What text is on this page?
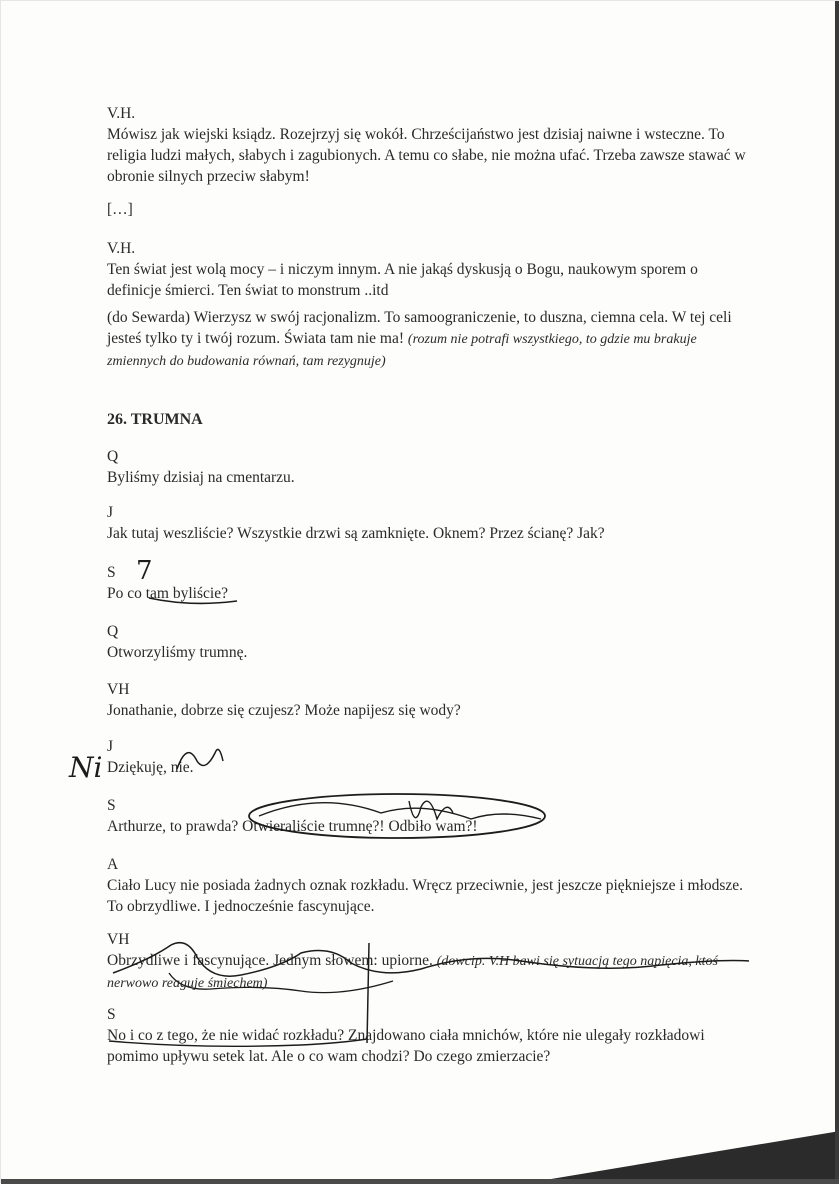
V.H.

Mówisz jak wiejski ksiądz. Rozejrzyj się wokół. Chrześcijaństwo jest dzisiaj naiwne i wsteczne. To religia ludzi małych, słabych i zagubionych. A temu co słabe, nie można ufać. Trzeba zawsze stawać w obronie silnych przeciw słabym!

[…]

V.H.

Ten świat jest wolą mocy – i niczym innym. A nie jakąś dyskusją o Bogu, naukowym sporem o definicje śmierci. Ten świat to monstrum ..itd

(do Sewarda) Wierzysz w swój racjonalizm. To samoograniczenie, to duszna, ciemna cela. W tej celi jesteś tylko ty i twój rozum. Świata tam nie ma! (rozum nie potrafi wszystkiego, to gdzie mu brakuje zmiennych do budowania równań, tam rezygnuje)

26. TRUMNA

Q

Byliśmy dzisiaj na cmentarzu.

J

Jak tutaj weszliście? Wszystkie drzwi są zamknięte. Oknem? Przez ścianę? Jak?

S

Po co tam byliście?

Q

Otworzyliśmy trumnę.

VH

Jonathanie, dobrze się czujesz? Może napijesz się wody?

J

Dziękuję, nie.

S

Arthurze, to prawda? Otwieraliście trumnę?! Odbiło wam?!

A

Ciało Lucy nie posiada żadnych oznak rozkładu. Wręcz przeciwnie, jest jeszcze piękniejsze i młodsze. To obrzydliwe. I jednocześnie fascynujące.

VH

Obrzydliwe i fascynujące. Jednym słowem: upiorne. (dowcip. V.H bawi się sytuacją tego napięcia, ktoś nerwowo reaguje śmiechem)

S

No i co z tego, że nie widać rozkładu? Znajdowano ciała mnichów, które nie ulegały rozkładowi pomimo upływu setek lat. Ale o co wam chodzi? Do czego zmierzacie?

7
Ni
